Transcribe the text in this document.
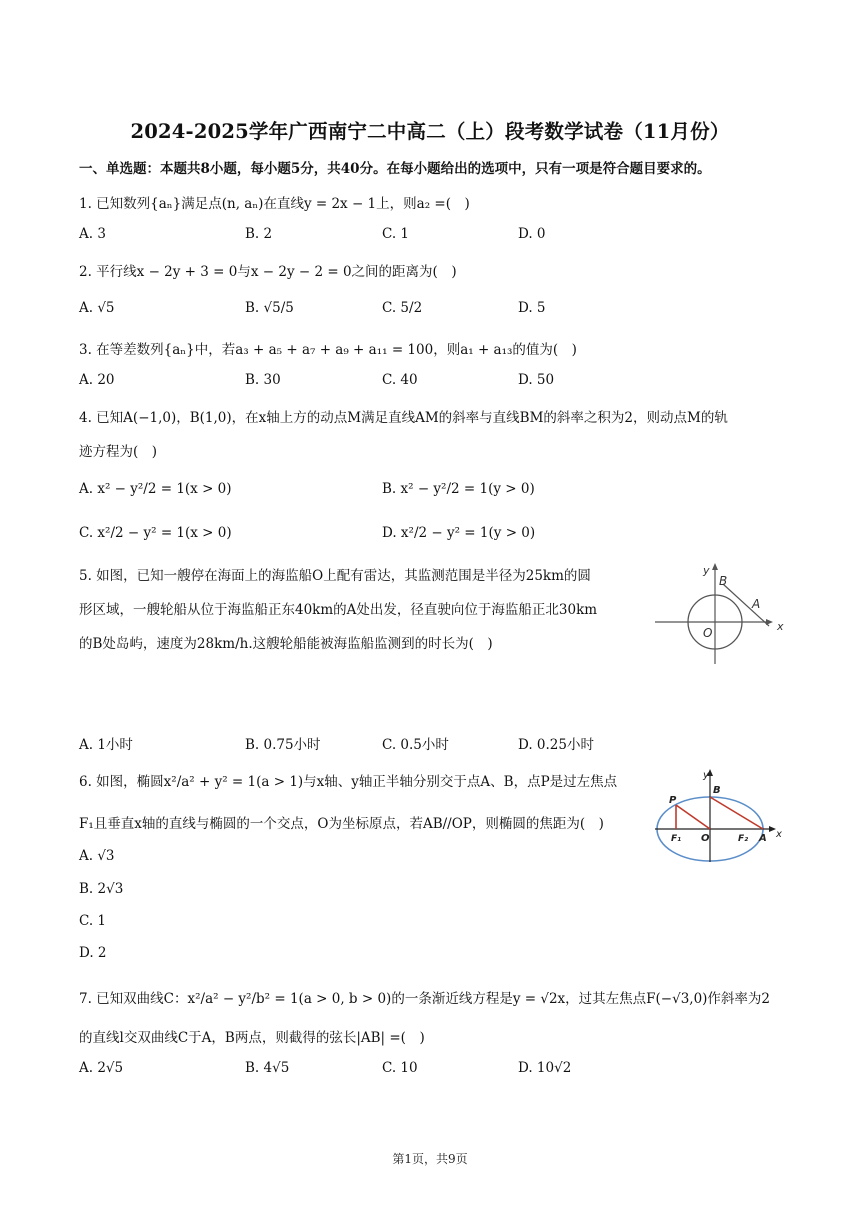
2024-2025学年广西南宁二中高二（上）段考数学试卷（11月份）
一、单选题：本题共8小题，每小题5分，共40分。在每小题给出的选项中，只有一项是符合题目要求的。
1. 已知数列{aₙ}满足点(n, aₙ)在直线y = 2x − 1上，则a₂ =(　)
A. 3	B. 2	C. 1	D. 0
2. 平行线x − 2y + 3 = 0与x − 2y − 2 = 0之间的距离为(　)
A. √5	B. √5/5	C. 5/2	D. 5
3. 在等差数列{aₙ}中，若a₃ + a₅ + a₇ + a₉ + a₁₁ = 100，则a₁ + a₁₃的值为(　)
A. 20	B. 30	C. 40	D. 50
4. 已知A(−1,0)，B(1,0)，在x轴上方的动点M满足直线AM的斜率与直线BM的斜率之积为2，则动点M的轨
迹方程为(　)
A. x² − y²/2 = 1(x > 0)	B. x² − y²/2 = 1(y > 0)
C. x²/2 − y² = 1(x > 0)	D. x²/2 − y² = 1(y > 0)
5. 如图，已知一艘停在海面上的海监船O上配有雷达，其监测范围是半径为25km的圆
形区域，一艘轮船从位于海监船正东40km的A处出发，径直驶向位于海监船正北30km
的B处岛屿，速度为28km/h.这艘轮船能被海监船监测到的时长为(　)
y
x
B
A
O
A. 1小时	B. 0.75小时	C. 0.5小时	D. 0.25小时
6. 如图，椭圆x²/a² + y² = 1(a > 1)与x轴、y轴正半轴分别交于点A、B，点P是过左焦点
F₁且垂直x轴的直线与椭圆的一个交点，O为坐标原点，若AB//OP，则椭圆的焦距为(　)
y
x
B
P
F₁ O	F₂ A
A. √3
B. 2√3
C. 1
D. 2
7. 已知双曲线C：x²/a² − y²/b² = 1(a > 0, b > 0)的一条渐近线方程是y = √2x，过其左焦点F(−√3,0)作斜率为2
的直线l交双曲线C于A，B两点，则截得的弦长|AB| =(　)
A. 2√5	B. 4√5	C. 10	D. 10√2
第1页，共9页
